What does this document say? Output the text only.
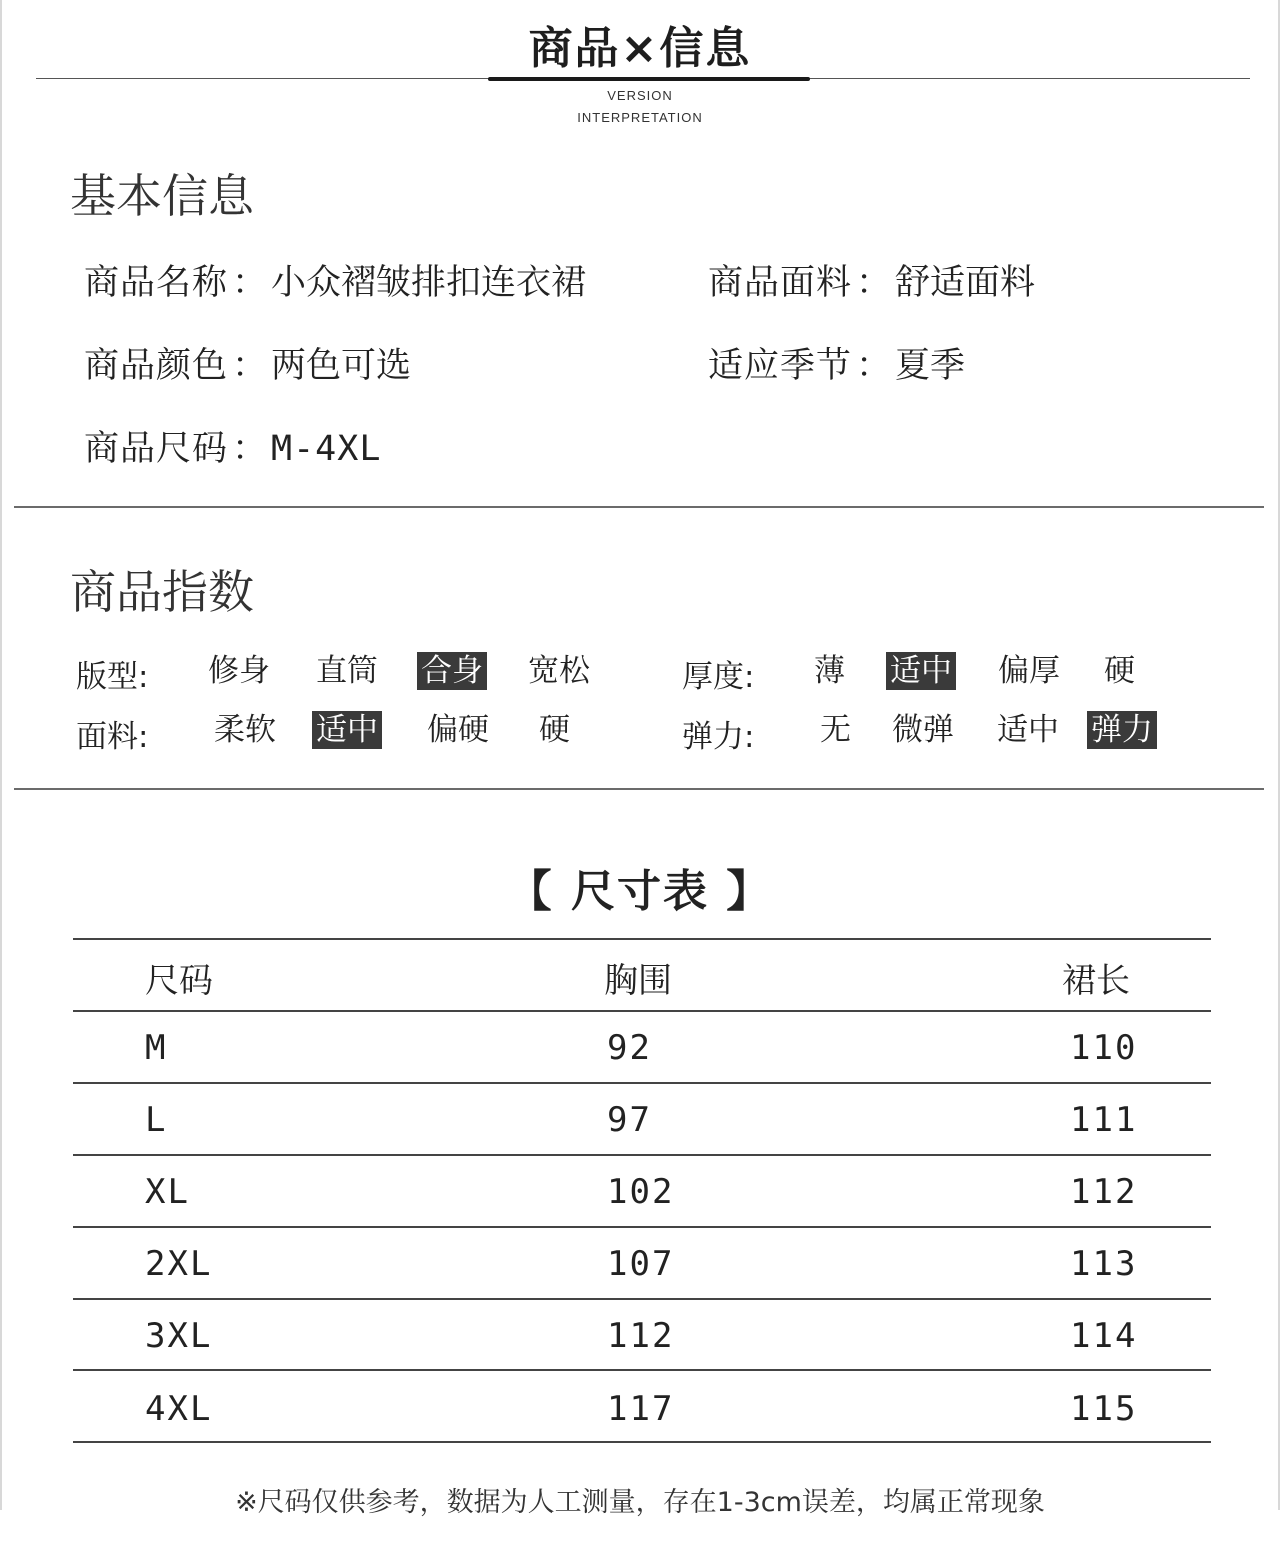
商品×信息
VERSION
INTERPRETATION
基本信息
商品名称 ： 小众褶皱排扣连衣裙	商品面料 ： 舒适面料
商品颜色 ： 两色可选	适应季节 ： 夏季
商品尺码 ： M-4XL
商品指数
版型: 修身 直筒 合身 宽松	厚度: 薄 适中 偏厚 硬
面料: 柔软 适中 偏硬 硬	弹力: 无 微弹 适中 弹力
【 尺寸表 】
尺码	胸围	裙长
M	92	110
L	97	111
XL	102	112
2XL	107	113
3XL	112	114
4XL	117	115
※尺码仅供参考，数据为人工测量，存在1-3cm误差，均属正常现象
